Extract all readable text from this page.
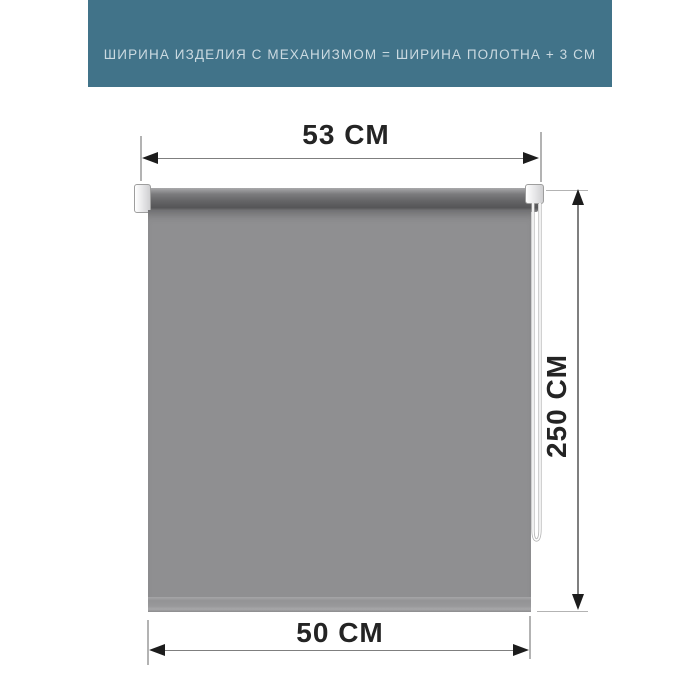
ШИРИНА ИЗДЕЛИЯ С МЕХАНИЗМОМ = ШИРИНА ПОЛОТНА + 3 СМ
53 CM
250 CM
50 CM
